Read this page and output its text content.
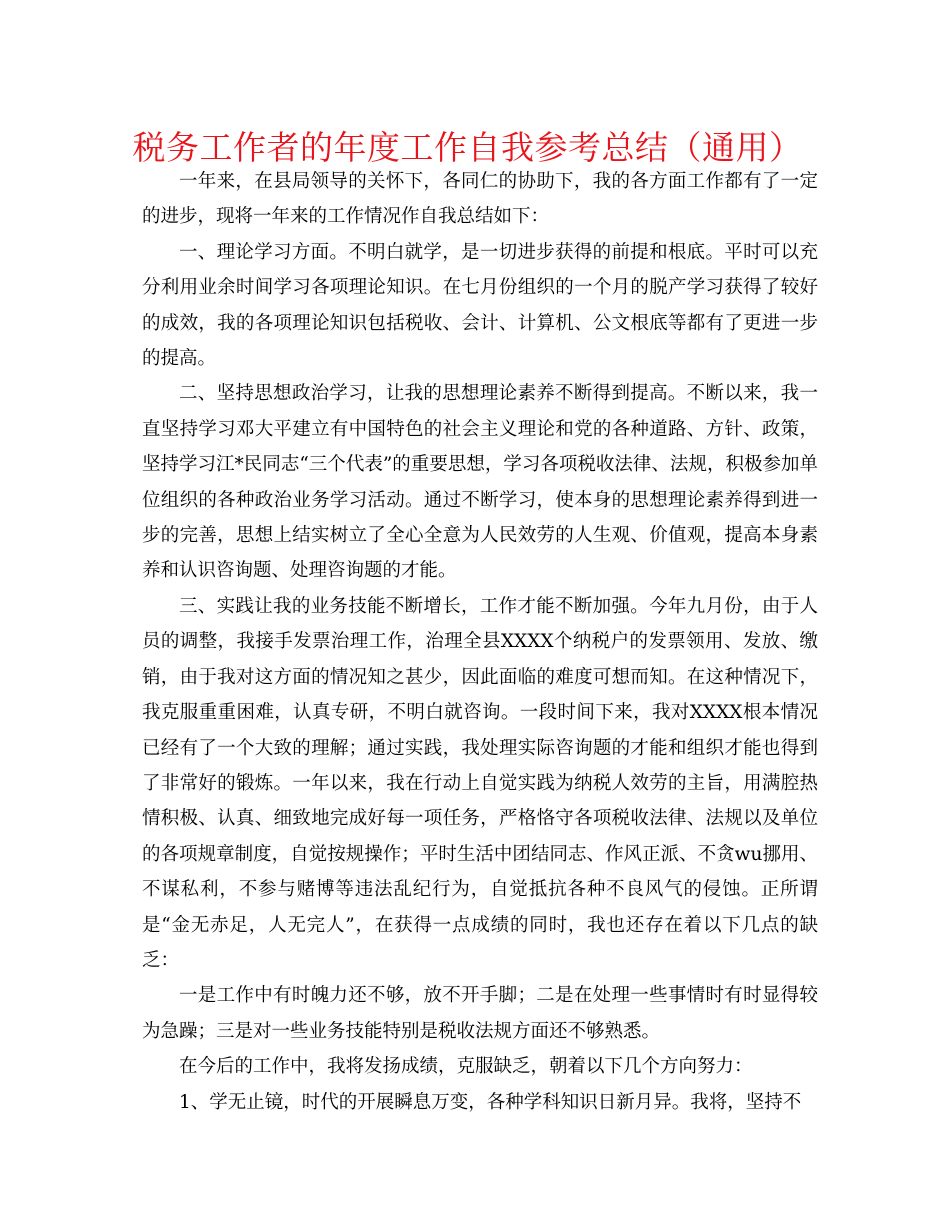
税务工作者的年度工作自我参考总结（通用）

一年来，在县局领导的关怀下，各同仁的协助下，我的各方面工作都有了一定的进步，现将一年来的工作情况作自我总结如下：

一、理论学习方面。不明白就学，是一切进步获得的前提和根底。平时可以充分利用业余时间学习各项理论知识。在七月份组织的一个月的脱产学习获得了较好的成效，我的各项理论知识包括税收、会计、计算机、公文根底等都有了更进一步的提高。

二、坚持思想政治学习，让我的思想理论素养不断得到提高。不断以来，我一直坚持学习邓大平建立有中国特色的社会主义理论和党的各种道路、方针、政策，坚持学习江*民同志“三个代表”的重要思想，学习各项税收法律、法规，积极参加单位组织的各种政治业务学习活动。通过不断学习，使本身的思想理论素养得到进一步的完善，思想上结实树立了全心全意为人民效劳的人生观、价值观，提高本身素养和认识咨询题、处理咨询题的才能。

三、实践让我的业务技能不断增长，工作才能不断加强。今年九月份，由于人员的调整，我接手发票治理工作，治理全县XXXX个纳税户的发票领用、发放、缴销，由于我对这方面的情况知之甚少，因此面临的难度可想而知。在这种情况下，我克服重重困难，认真专研，不明白就咨询。一段时间下来，我对XXXX根本情况已经有了一个大致的理解；通过实践，我处理实际咨询题的才能和组织才能也得到了非常好的锻炼。一年以来，我在行动上自觉实践为纳税人效劳的主旨，用满腔热情积极、认真、细致地完成好每一项任务，严格恪守各项税收法律、法规以及单位的各项规章制度，自觉按规操作；平时生活中团结同志、作风正派、不贪wu挪用、不谋私利，不参与赌博等违法乱纪行为，自觉抵抗各种不良风气的侵蚀。正所谓是“金无赤足，人无完人”，在获得一点成绩的同时，我也还存在着以下几点的缺乏：

一是工作中有时魄力还不够，放不开手脚；二是在处理一些事情时有时显得较为急躁；三是对一些业务技能特别是税收法规方面还不够熟悉。

在今后的工作中，我将发扬成绩，克服缺乏，朝着以下几个方向努力：

1、学无止镜，时代的开展瞬息万变，各种学科知识日新月异。我将，坚持不
